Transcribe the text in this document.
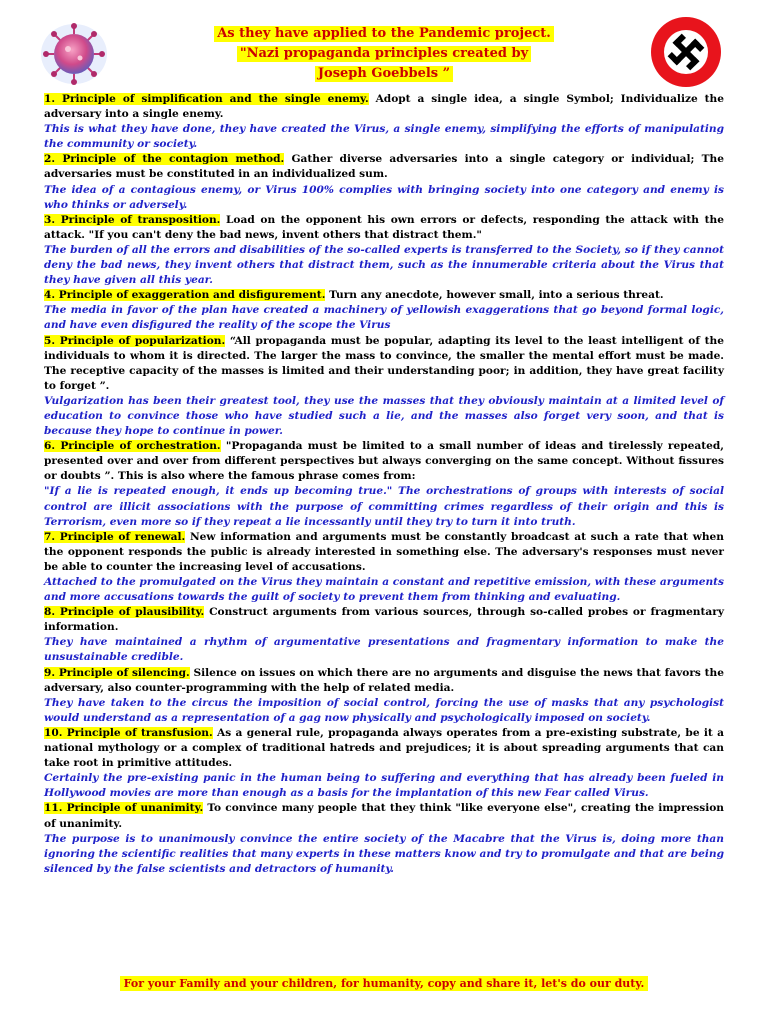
As they have applied to the Pandemic project.
"Nazi propaganda principles created by
Joseph Goebbels ”

1. Principle of simplification and the single enemy. Adopt a single idea, a single Symbol; Individualize the adversary into a single enemy.

This is what they have done, they have created the Virus, a single enemy, simplifying the efforts of manipulating the community or society.

2. Principle of the contagion method. Gather diverse adversaries into a single category or individual; The adversaries must be constituted in an individualized sum.

The idea of a contagious enemy, or Virus 100% complies with bringing society into one category and enemy is who thinks or adversely.

3. Principle of transposition. Load on the opponent his own errors or defects, responding the attack with the attack. "If you can't deny the bad news, invent others that distract them."

The burden of all the errors and disabilities of the so-called experts is transferred to the Society, so if they cannot deny the bad news, they invent others that distract them, such as the innumerable criteria about the Virus that they have given all this year.

4. Principle of exaggeration and disfigurement. Turn any anecdote, however small, into a serious threat.

The media in favor of the plan have created a machinery of yellowish exaggerations that go beyond formal logic, and have even disfigured the reality of the scope the Virus

5. Principle of popularization. “All propaganda must be popular, adapting its level to the least intelligent of the individuals to whom it is directed. The larger the mass to convince, the smaller the mental effort must be made. The receptive capacity of the masses is limited and their understanding poor; in addition, they have great facility to forget ”.

Vulgarization has been their greatest tool, they use the masses that they obviously maintain at a limited level of education to convince those who have studied such a lie, and the masses also forget very soon, and that is because they hope to continue in power.

6. Principle of orchestration. "Propaganda must be limited to a small number of ideas and tirelessly repeated, presented over and over from different perspectives but always converging on the same concept. Without fissures or doubts ”. This is also where the famous phrase comes from:

"If a lie is repeated enough, it ends up becoming true." The orchestrations of groups with interests of social control are illicit associations with the purpose of committing crimes regardless of their origin and this is Terrorism, even more so if they repeat a lie incessantly until they try to turn it into truth.

7. Principle of renewal. New information and arguments must be constantly broadcast at such a rate that when the opponent responds the public is already interested in something else. The adversary's responses must never be able to counter the increasing level of accusations.

Attached to the promulgated on the Virus they maintain a constant and repetitive emission, with these arguments and more accusations towards the guilt of society to prevent them from thinking and evaluating.

8. Principle of plausibility. Construct arguments from various sources, through so-called probes or fragmentary information.

They have maintained a rhythm of argumentative presentations and fragmentary information to make the unsustainable credible.

9. Principle of silencing. Silence on issues on which there are no arguments and disguise the news that favors the adversary, also counter-programming with the help of related media.

They have taken to the circus the imposition of social control, forcing the use of masks that any psychologist would understand as a representation of a gag now physically and psychologically imposed on society.

10. Principle of transfusion. As a general rule, propaganda always operates from a pre-existing substrate, be it a national mythology or a complex of traditional hatreds and prejudices; it is about spreading arguments that can take root in primitive attitudes.

Certainly the pre-existing panic in the human being to suffering and everything that has already been fueled in Hollywood movies are more than enough as a basis for the implantation of this new Fear called Virus.

11. Principle of unanimity. To convince many people that they think "like everyone else", creating the impression of unanimity.

The purpose is to unanimously convince the entire society of the Macabre that the Virus is, doing more than ignoring the scientific realities that many experts in these matters know and try to promulgate and that are being silenced by the false scientists and detractors of humanity.

For your Family and your children, for humanity, copy and share it, let's do our duty.
